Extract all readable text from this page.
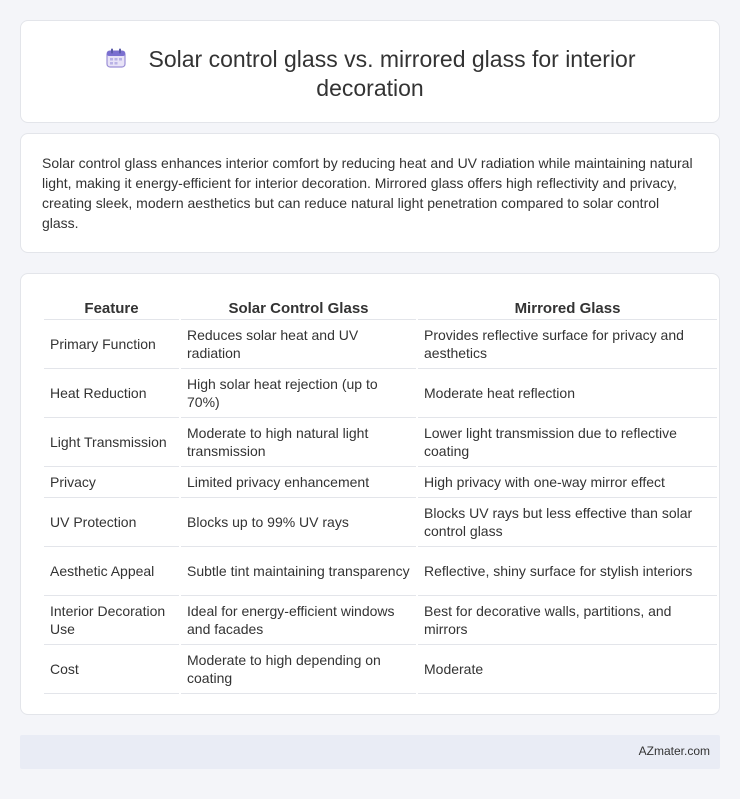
Solar control glass vs. mirrored glass for interior decoration

Solar control glass enhances interior comfort by reducing heat and UV radiation while maintaining natural light, making it energy-efficient for interior decoration. Mirrored glass offers high reflectivity and privacy, creating sleek, modern aesthetics but can reduce natural light penetration compared to solar control glass.

Feature	Solar Control Glass	Mirrored Glass
Primary Function	Reduces solar heat and UV radiation	Provides reflective surface for privacy and aesthetics
Heat Reduction	High solar heat rejection (up to 70%)	Moderate heat reflection
Light Transmission	Moderate to high natural light transmission	Lower light transmission due to reflective coating
Privacy	Limited privacy enhancement	High privacy with one-way mirror effect
UV Protection	Blocks up to 99% UV rays	Blocks UV rays but less effective than solar control glass
Aesthetic Appeal	Subtle tint maintaining transparency	Reflective, shiny surface for stylish interiors
Interior Decoration Use	Ideal for energy-efficient windows and facades	Best for decorative walls, partitions, and mirrors
Cost	Moderate to high depending on coating	Moderate
AZmater.com
